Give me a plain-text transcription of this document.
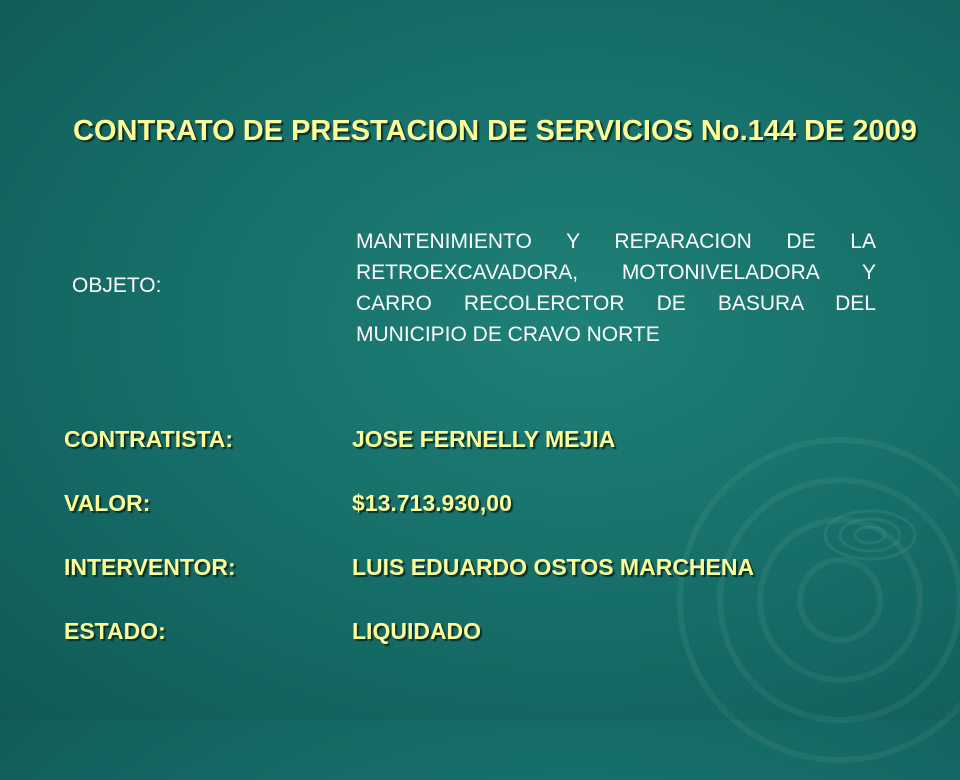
CONTRATO DE PRESTACION DE SERVICIOS No.144 DE 2009

OBJETO:

MANTENIMIENTO Y REPARACION DE LA RETROEXCAVADORA, MOTONIVELADORA Y CARRO RECOLERCTOR DE BASURA DEL MUNICIPIO DE CRAVO NORTE

CONTRATISTA:	JOSE FERNELLY MEJIA
VALOR:	$13.713.930,00
INTERVENTOR:	LUIS EDUARDO OSTOS MARCHENA
ESTADO:	LIQUIDADO
